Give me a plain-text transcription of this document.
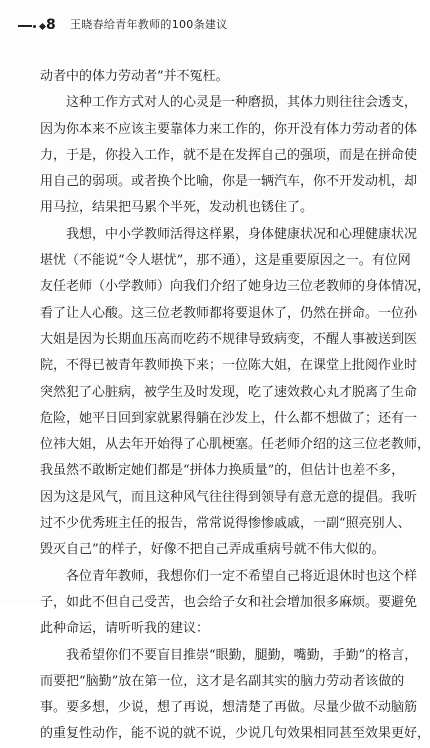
8 王晓春给青年教师的100条建议
动者中的体力劳动者”并不冤枉。
这种工作方式对人的心灵是一种磨损，其体力则往往会透支，
因为你本来不应该主要靠体力来工作的，你开没有体力劳动者的体
力，于是，你投入工作，就不是在发挥自己的强项，而是在拼命使
用自己的弱项。或者换个比喻，你是一辆汽车，你不开发动机，却
用马拉，结果把马累个半死，发动机也锈住了。
我想，中小学教师活得这样累，身体健康状况和心理健康状况
堪忧（不能说“令人堪忧”，那不通），这是重要原因之一。有位网
友任老师（小学教师）向我们介绍了她身边三位老教师的身体情况，
看了让人心酸。这三位老教师都将要退休了，仍然在拼命。一位孙
大姐是因为长期血压高而吃药不规律导致病变，不醒人事被送到医
院，不得已被青年教师换下来；一位陈大姐，在课堂上批阅作业时
突然犯了心脏病，被学生及时发现，吃了速效救心丸才脱离了生命
危险，她平日回到家就累得躺在沙发上，什么都不想做了；还有一
位祎大姐，从去年开始得了心肌梗塞。任老师介绍的这三位老教师，
我虽然不敢断定她们都是“拼体力换质量”的，但估计也差不多，
因为这是风气，而且这种风气往往得到领导有意无意的提倡。我听
过不少优秀班主任的报告，常常说得惨惨戚戚，一副“照亮别人、
毁灭自己”的样子，好像不把自己弄成重病号就不伟大似的。
各位青年教师，我想你们一定不希望自己将近退休时也这个样
子，如此不但自己受苦，也会给子女和社会增加很多麻烦。要避免
此种命运，请听听我的建议：
我希望你们不要盲目推崇“眼勤，腿勤，嘴勤，手勤”的格言，
而要把“脑勤”放在第一位，这才是名副其实的脑力劳动者该做的
事。要多想，少说，想了再说，想清楚了再做。尽量少做不动脑筋
的重复性动作，能不说的就不说，少说几句效果相同甚至效果更好，
